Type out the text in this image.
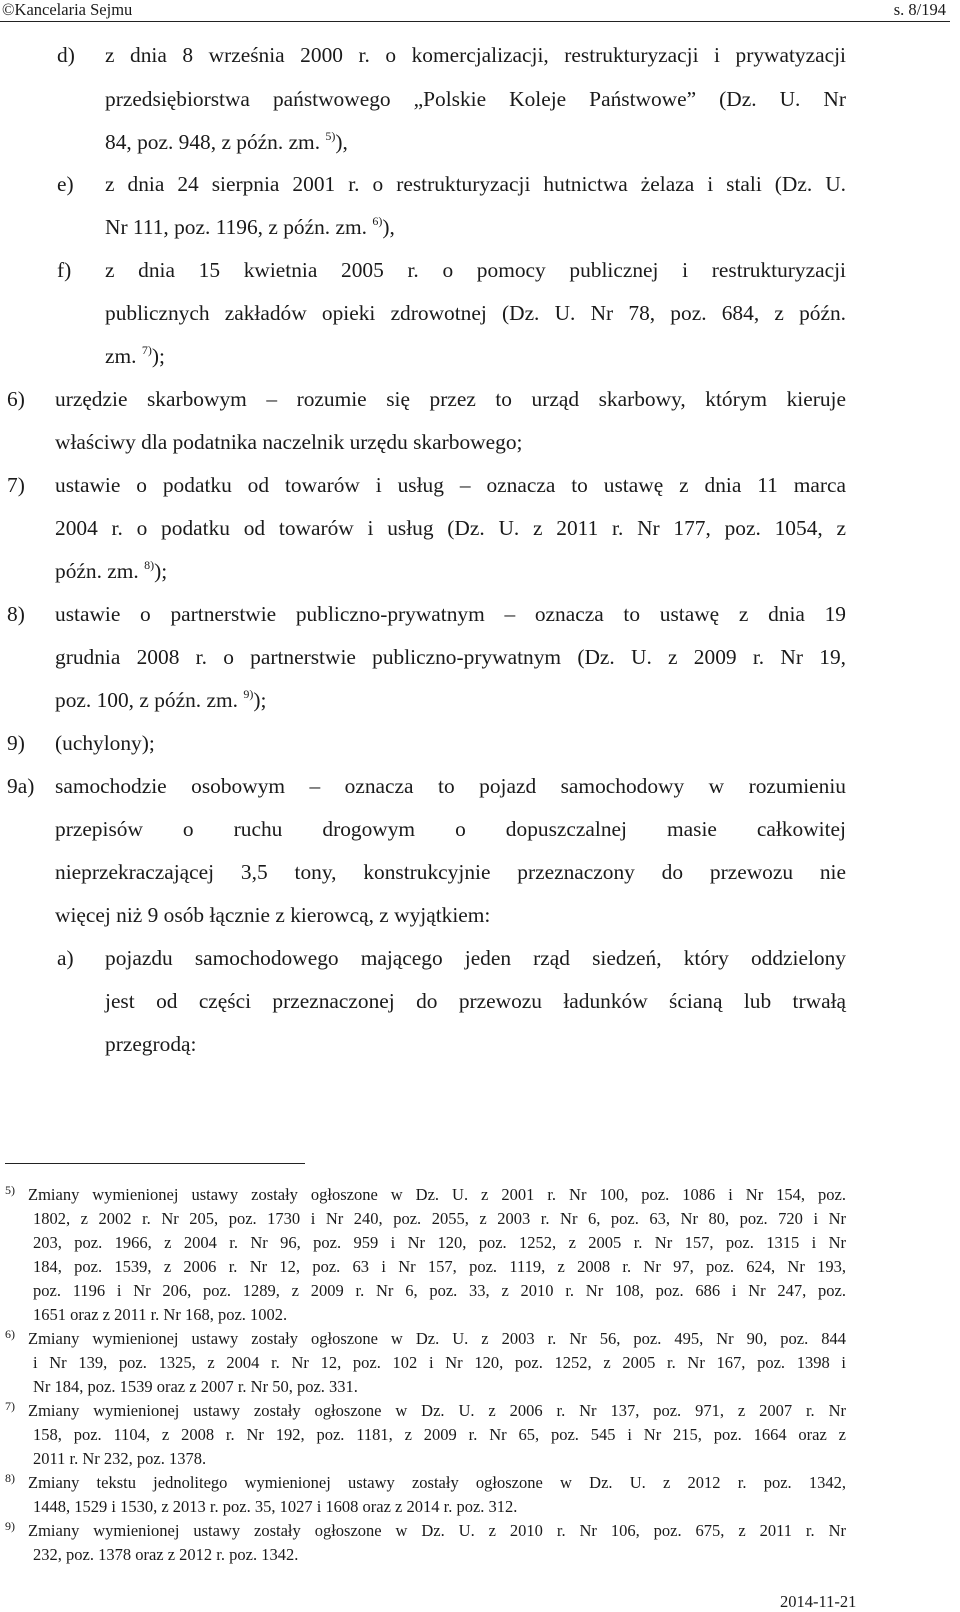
©Kancelaria Sejmu	s. 8/194
d) z dnia 8 września 2000 r. o komercjalizacji, restrukturyzacji i prywatyzacji
przedsiębiorstwa państwowego „Polskie Koleje Państwowe” (Dz. U. Nr
84, poz. 948, z późn. zm. $^{5)}$),
e) z dnia 24 sierpnia 2001 r. o restrukturyzacji hutnictwa żelaza i stali (Dz. U.
Nr 111, poz. 1196, z późn. zm. $^{6)}$),
f) z dnia 15 kwietnia 2005 r. o pomocy publicznej i restrukturyzacji
publicznych zakładów opieki zdrowotnej (Dz. U. Nr 78, poz. 684, z późn.
zm. $^{7)}$);
6) urzędzie skarbowym – rozumie się przez to urząd skarbowy, którym kieruje
właściwy dla podatnika naczelnik urzędu skarbowego;
7) ustawie o podatku od towarów i usług – oznacza to ustawę z dnia 11 marca
2004 r. o podatku od towarów i usług (Dz. U. z 2011 r. Nr 177, poz. 1054, z
późn. zm. $^{8)}$);
8) ustawie o partnerstwie publiczno-prywatnym – oznacza to ustawę z dnia 19
grudnia 2008 r. o partnerstwie publiczno-prywatnym (Dz. U. z 2009 r. Nr 19,
poz. 100, z późn. zm. $^{9)}$);
9) (uchylony);
9a) samochodzie osobowym – oznacza to pojazd samochodowy w rozumieniu
przepisów o ruchu drogowym o dopuszczalnej masie całkowitej
nieprzekraczającej 3,5 tony, konstrukcyjnie przeznaczony do przewozu nie
więcej niż 9 osób łącznie z kierowcą, z wyjątkiem:
a) pojazdu samochodowego mającego jeden rząd siedzeń, który oddzielony
jest od części przeznaczonej do przewozu ładunków ścianą lub trwałą
przegrodą:
5) Zmiany wymienionej ustawy zostały ogłoszone w Dz. U. z 2001 r. Nr 100, poz. 1086 i Nr 154, poz.
1802, z 2002 r. Nr 205, poz. 1730 i Nr 240, poz. 2055, z 2003 r. Nr 6, poz. 63, Nr 80, poz. 720 i Nr
203, poz. 1966, z 2004 r. Nr 96, poz. 959 i Nr 120, poz. 1252, z 2005 r. Nr 157, poz. 1315 i Nr
184, poz. 1539, z 2006 r. Nr 12, poz. 63 i Nr 157, poz. 1119, z 2008 r. Nr 97, poz. 624, Nr 193,
poz. 1196 i Nr 206, poz. 1289, z 2009 r. Nr 6, poz. 33, z 2010 r. Nr 108, poz. 686 i Nr 247, poz.
1651 oraz z 2011 r. Nr 168, poz. 1002.
6) Zmiany wymienionej ustawy zostały ogłoszone w Dz. U. z 2003 r. Nr 56, poz. 495, Nr 90, poz. 844
i Nr 139, poz. 1325, z 2004 r. Nr 12, poz. 102 i Nr 120, poz. 1252, z 2005 r. Nr 167, poz. 1398 i
Nr 184, poz. 1539 oraz z 2007 r. Nr 50, poz. 331.
7) Zmiany wymienionej ustawy zostały ogłoszone w Dz. U. z 2006 r. Nr 137, poz. 971, z 2007 r. Nr
158, poz. 1104, z 2008 r. Nr 192, poz. 1181, z 2009 r. Nr 65, poz. 545 i Nr 215, poz. 1664 oraz z
2011 r. Nr 232, poz. 1378.
8) Zmiany tekstu jednolitego wymienionej ustawy zostały ogłoszone w Dz. U. z 2012 r. poz. 1342,
1448, 1529 i 1530, z 2013 r. poz. 35, 1027 i 1608 oraz z 2014 r. poz. 312.
9) Zmiany wymienionej ustawy zostały ogłoszone w Dz. U. z 2010 r. Nr 106, poz. 675, z 2011 r. Nr
232, poz. 1378 oraz z 2012 r. poz. 1342.
2014-11-21
